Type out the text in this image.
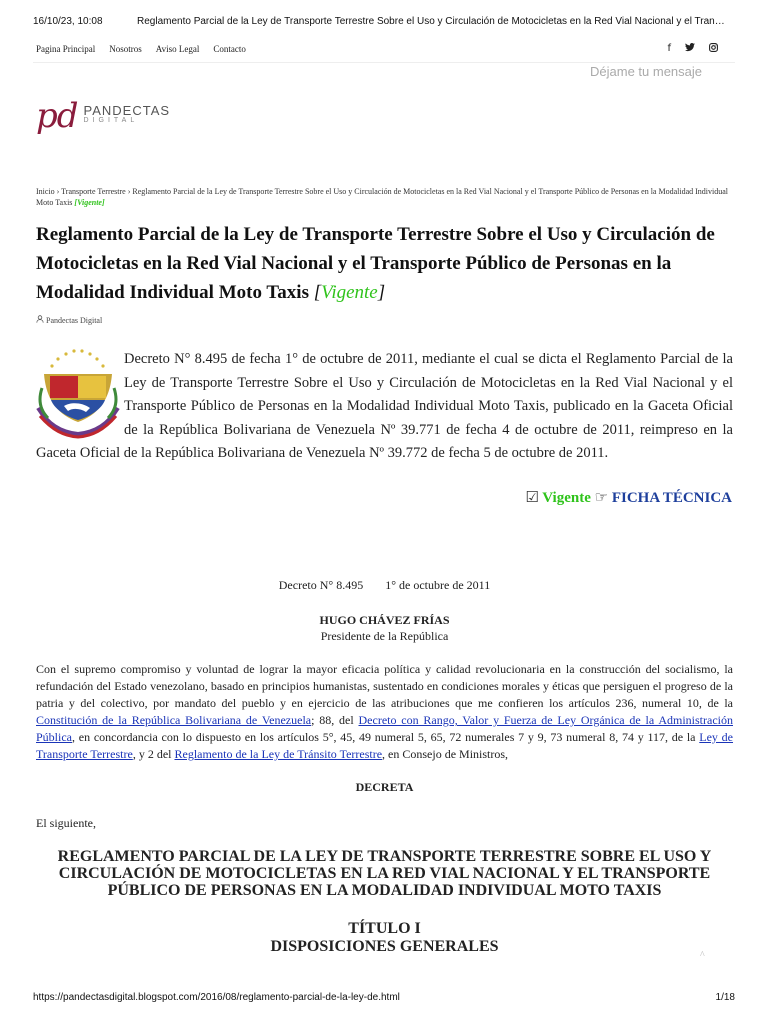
16/10/23, 10:08	Reglamento Parcial de la Ley de Transporte Terrestre Sobre el Uso y Circulación de Motocicletas en la Red Vial Nacional y el Tran…
Pagina Principal Nosotros Aviso Legal Contacto	f
Déjame tu mensaje
pd PANDECTAS
DIGITAL
Inicio › Transporte Terrestre › Reglamento Parcial de la Ley de Transporte Terrestre Sobre el Uso y Circulación de Motocicletas en la Red Vial Nacional y el Transporte Público de Personas en la Modalidad Individual Moto Taxis [Vigente]
Reglamento Parcial de la Ley de Transporte Terrestre Sobre el Uso y Circulación de Motocicletas en la Red Vial Nacional y el Transporte Público de Personas en la Modalidad Individual Moto Taxis [Vigente]
Pandectas Digital
Decreto N° 8.495 de fecha 1° de octubre de 2011, mediante el cual se dicta el Reglamento Parcial de la Ley de Transporte Terrestre Sobre el Uso y Circulación de Motocicletas en la Red Vial Nacional y el Transporte Público de Personas en la Modalidad Individual Moto Taxis, publicado en la Gaceta Oficial de la República Bolivariana de Venezuela Nº 39.771 de fecha 4 de octubre de 2011, reimpreso en la Gaceta Oficial de la República Bolivariana de Venezuela Nº 39.772 de fecha 5 de octubre de 2011.
☑ Vigente ☞ FICHA TÉCNICA
Decreto N° 8.495 1° de octubre de 2011
HUGO CHÁVEZ FRÍAS
Presidente de la República
Con el supremo compromiso y voluntad de lograr la mayor eficacia política y calidad revolucionaria en la construcción del socialismo, la refundación del Estado venezolano, basado en principios humanistas, sustentado en condiciones morales y éticas que persiguen el progreso de la patria y del colectivo, por mandato del pueblo y en ejercicio de las atribuciones que me confieren los artículos 236, numeral 10, de la Constitución de la República Bolivariana de Venezuela; 88, del Decreto con Rango, Valor y Fuerza de Ley Orgánica de la Administración Pública, en concordancia con lo dispuesto en los artículos 5°, 45, 49 numeral 5, 65, 72 numerales 7 y 9, 73 numeral 8, 74 y 117, de la Ley de Transporte Terrestre, y 2 del Reglamento de la Ley de Tránsito Terrestre, en Consejo de Ministros,
DECRETA
El siguiente,
REGLAMENTO PARCIAL DE LA LEY DE TRANSPORTE TERRESTRE SOBRE EL USO Y CIRCULACIÓN DE MOTOCICLETAS EN LA RED VIAL NACIONAL Y EL TRANSPORTE PÚBLICO DE PERSONAS EN LA MODALIDAD INDIVIDUAL MOTO TAXIS
TÍTULO I
DISPOSICIONES GENERALES
^
https://pandectasdigital.blogspot.com/2016/08/reglamento-parcial-de-la-ley-de.html	1/18
